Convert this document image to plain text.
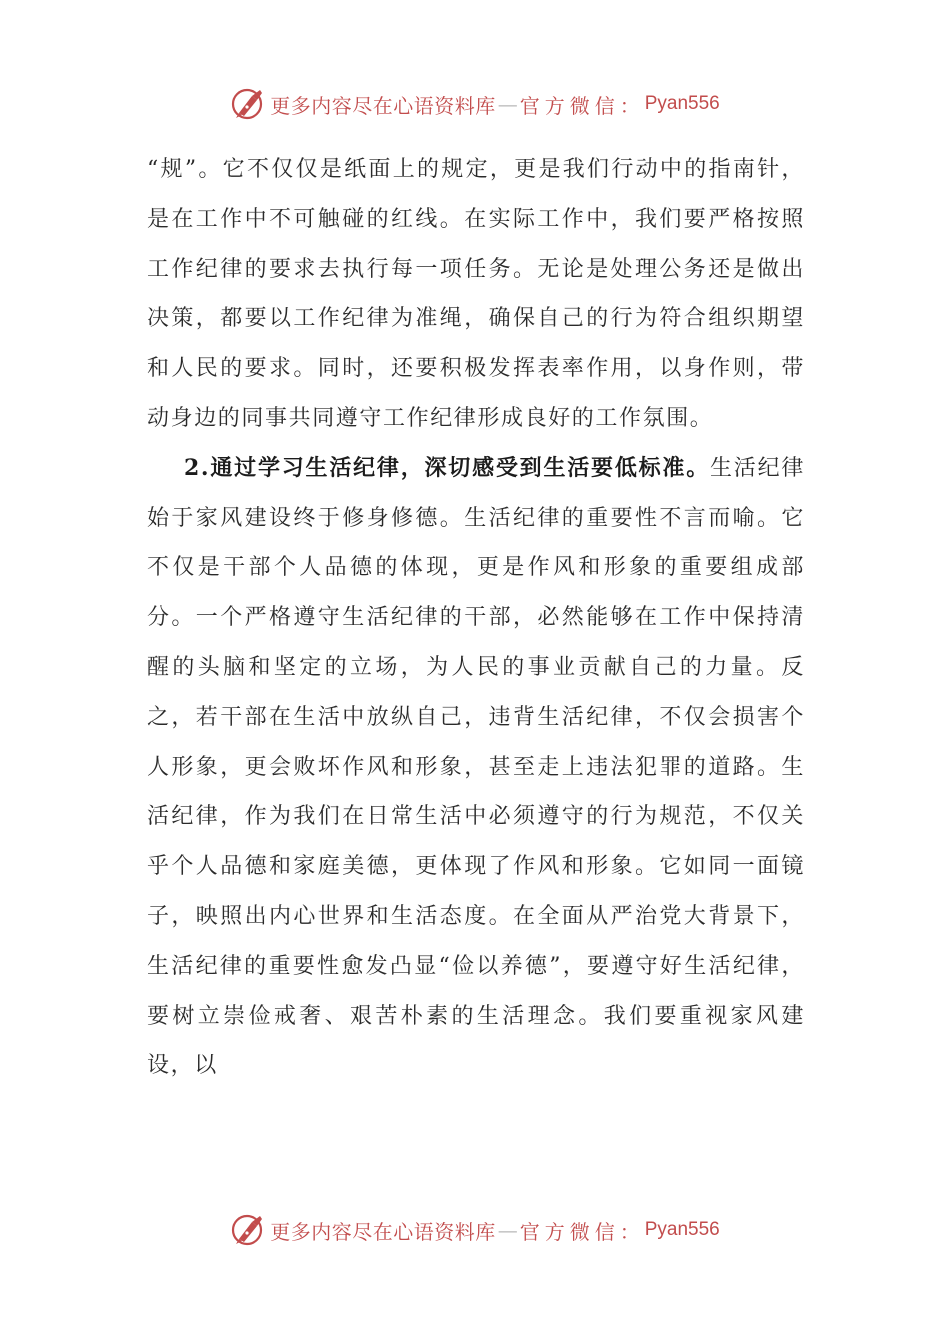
更多内容尽在心语资料库 — 官方微信： Pyan556

“规”。它不仅仅是纸面上的规定，更是我们行动中的指南针，是在工作中不可触碰的红线。在实际工作中，我们要严格按照工作纪律的要求去执行每一项任务。无论是处理公务还是做出决策，都要以工作纪律为准绳，确保自己的行为符合组织期望和人民的要求。同时，还要积极发挥表率作用，以身作则，带动身边的同事共同遵守工作纪律形成良好的工作氛围。

2.通过学习生活纪律，深切感受到生活要低标准。生活纪律始于家风建设终于修身修德。生活纪律的重要性不言而喻。它不仅是干部个人品德的体现，更是作风和形象的重要组成部分。一个严格遵守生活纪律的干部，必然能够在工作中保持清醒的头脑和坚定的立场，为人民的事业贡献自己的力量。反之，若干部在生活中放纵自己，违背生活纪律，不仅会损害个人形象，更会败坏作风和形象，甚至走上违法犯罪的道路。生活纪律，作为我们在日常生活中必须遵守的行为规范，不仅关乎个人品德和家庭美德，更体现了作风和形象。它如同一面镜子，映照出内心世界和生活态度。在全面从严治党大背景下，生活纪律的重要性愈发凸显“俭以养德”，要遵守好生活纪律，要树立崇俭戒奢、艰苦朴素的生活理念。我们要重视家风建设，以

更多内容尽在心语资料库 — 官方微信： Pyan556
